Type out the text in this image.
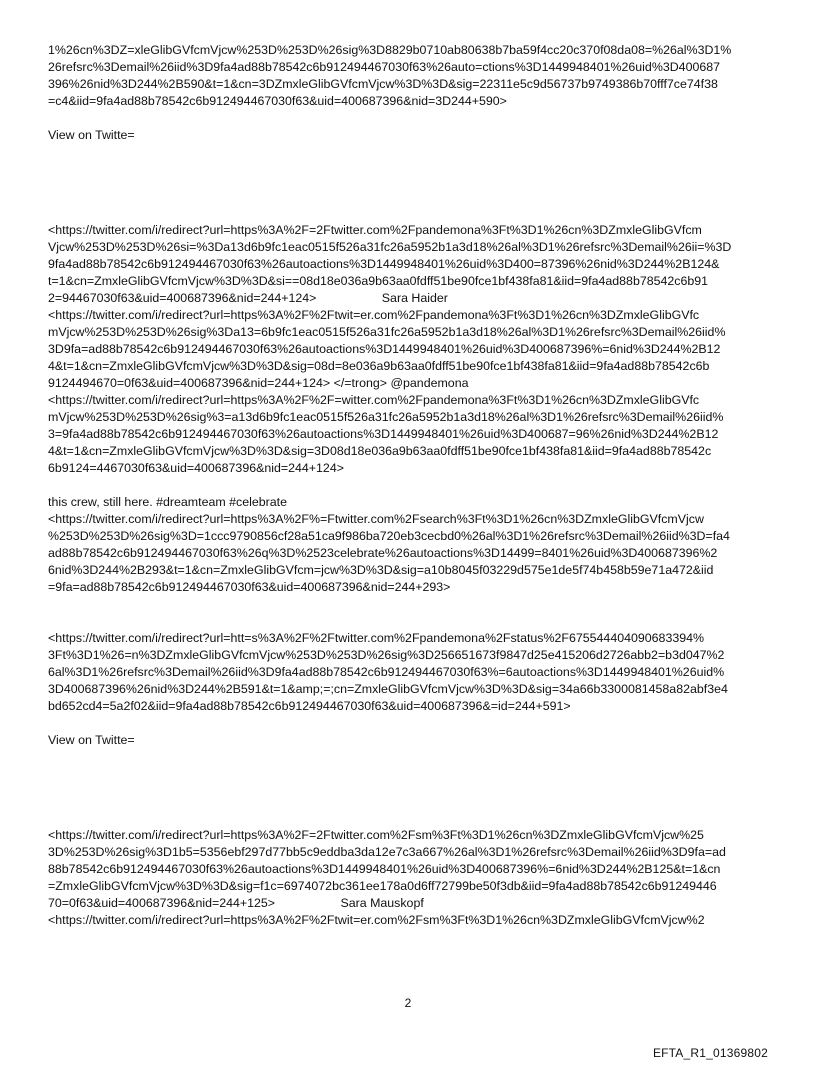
1%26cn%3DZ=xleGlibGVfcmVjcw%253D%253D%26sig%3D8829b0710ab80638b7ba59f4cc20c370f08da08=%26al%3D1%
26refsrc%3Demail%26iid%3D9fa4ad88b78542c6b912494467030f63%26auto=ctions%3D1449948401%26uid%3D400687
396%26nid%3D244%2B590&t=1&cn=3DZmxleGlibGVfcmVjcw%3D%3D&sig=22311e5c9d56737b9749386b70fff7ce74f38
=c4&iid=9fa4ad88b78542c6b912494467030f63&uid=400687396&nid=3D244+590>

View on Twitte=

<https://twitter.com/i/redirect?url=https%3A%2F=2Ftwitter.com%2Fpandemona%3Ft%3D1%26cn%3DZmxleGlibGVfcm
Vjcw%253D%253D%26si=%3Da13d6b9fc1eac0515f526a31fc26a5952b1a3d18%26al%3D1%26refsrc%3Demail%26ii=%3D
9fa4ad88b78542c6b912494467030f63%26autoactions%3D1449948401%26uid%3D400=87396%26nid%3D244%2B124&
t=1&cn=ZmxleGlibGVfcmVjcw%3D%3D&si==08d18e036a9b63aa0fdff51be90fce1bf438fa81&iid=9fa4ad88b78542c6b91
2=94467030f63&uid=400687396&nid=244+124>                   Sara Haider
<https://twitter.com/i/redirect?url=https%3A%2F%2Ftwit=er.com%2Fpandemona%3Ft%3D1%26cn%3DZmxleGlibGVfc
mVjcw%253D%253D%26sig%3Da13=6b9fc1eac0515f526a31fc26a5952b1a3d18%26al%3D1%26refsrc%3Demail%26iid%
3D9fa=ad88b78542c6b912494467030f63%26autoactions%3D1449948401%26uid%3D400687396%=6nid%3D244%2B12
4&t=1&cn=ZmxleGlibGVfcmVjcw%3D%3D&sig=08d=8e036a9b63aa0fdff51be90fce1bf438fa81&iid=9fa4ad88b78542c6b
9124494670=0f63&uid=400687396&nid=244+124> </=trong> @pandemona
<https://twitter.com/i/redirect?url=https%3A%2F%2F=witter.com%2Fpandemona%3Ft%3D1%26cn%3DZmxleGlibGVfc
mVjcw%253D%253D%26sig%3=a13d6b9fc1eac0515f526a31fc26a5952b1a3d18%26al%3D1%26refsrc%3Demail%26iid%
3=9fa4ad88b78542c6b912494467030f63%26autoactions%3D1449948401%26uid%3D400687=96%26nid%3D244%2B12
4&t=1&cn=ZmxleGlibGVfcmVjcw%3D%3D&sig=3D08d18e036a9b63aa0fdff51be90fce1bf438fa81&iid=9fa4ad88b78542c
6b9124=4467030f63&uid=400687396&nid=244+124>

this crew, still here. #dreamteam #celebrate
<https://twitter.com/i/redirect?url=https%3A%2F%=Ftwitter.com%2Fsearch%3Ft%3D1%26cn%3DZmxleGlibGVfcmVjcw
%253D%253D%26sig%3D=1ccc9790856cf28a51ca9f986ba720eb3cecbd0%26al%3D1%26refsrc%3Demail%26iid%3D=fa4
ad88b78542c6b912494467030f63%26q%3D%2523celebrate%26autoactions%3D14499=8401%26uid%3D400687396%2
6nid%3D244%2B293&t=1&cn=ZmxleGlibGVfcm=jcw%3D%3D&sig=a10b8045f03229d575e1de5f74b458b59e71a472&iid
=9fa=ad88b78542c6b912494467030f63&uid=400687396&nid=244+293>

<https://twitter.com/i/redirect?url=htt=s%3A%2F%2Ftwitter.com%2Fpandemona%2Fstatus%2F675544404090683394%
3Ft%3D1%26=n%3DZmxleGlibGVfcmVjcw%253D%253D%26sig%3D256651673f9847d25e415206d2726abb2=b3d047%2
6al%3D1%26refsrc%3Demail%26iid%3D9fa4ad88b78542c6b912494467030f63%=6autoactions%3D1449948401%26uid%
3D400687396%26nid%3D244%2B591&t=1&amp;=;cn=ZmxleGlibGVfcmVjcw%3D%3D&sig=34a66b3300081458a82abf3e4
bd652cd4=5a2f02&iid=9fa4ad88b78542c6b912494467030f63&uid=400687396&=id=244+591>

View on Twitte=

<https://twitter.com/i/redirect?url=https%3A%2F=2Ftwitter.com%2Fsm%3Ft%3D1%26cn%3DZmxleGlibGVfcmVjcw%25
3D%253D%26sig%3D1b5=5356ebf297d77bb5c9eddba3da12e7c3a667%26al%3D1%26refsrc%3Demail%26iid%3D9fa=ad
88b78542c6b912494467030f63%26autoactions%3D1449948401%26uid%3D400687396%=6nid%3D244%2B125&t=1&cn
=ZmxleGlibGVfcmVjcw%3D%3D&sig=f1c=6974072bc361ee178a0d6ff72799be50f3db&iid=9fa4ad88b78542c6b91249446
70=0f63&uid=400687396&nid=244+125>                   Sara Mauskopf
<https://twitter.com/i/redirect?url=https%3A%2F%2Ftwit=er.com%2Fsm%3Ft%3D1%26cn%3DZmxleGlibGVfcmVjcw%2

2
EFTA_R1_01369802
